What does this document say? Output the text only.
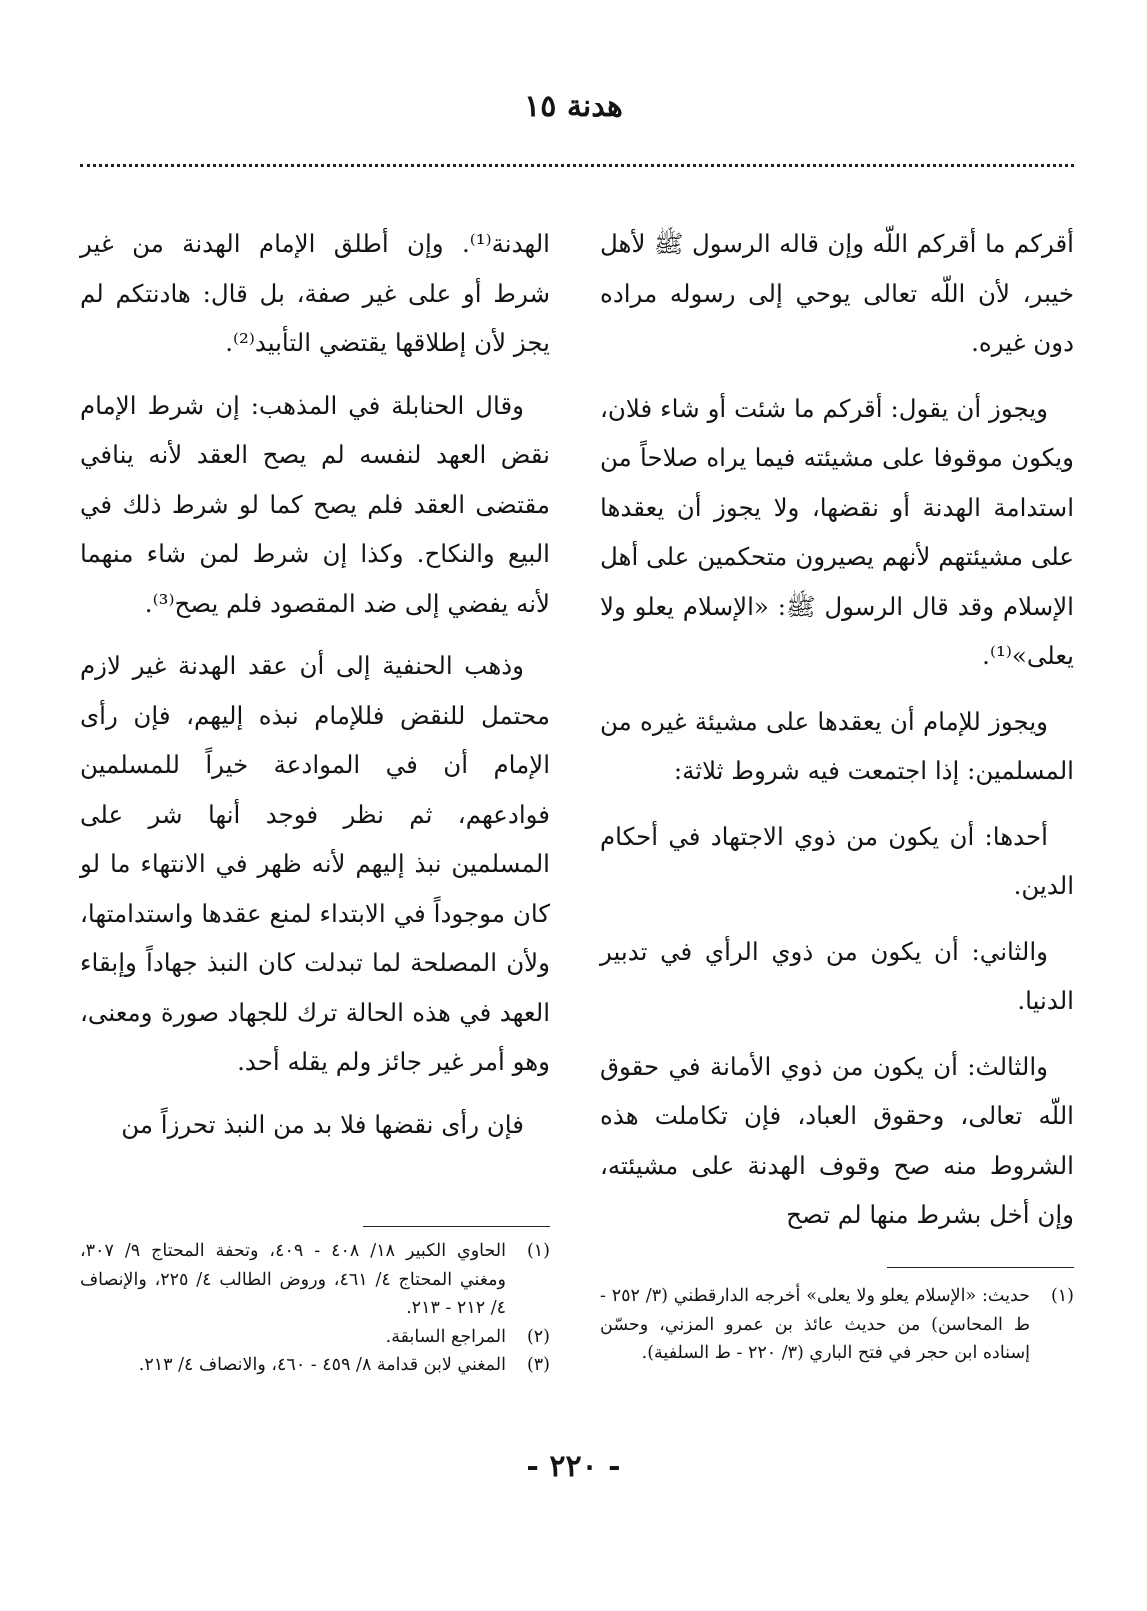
هدنة ١٥

أقركم ما أقركم اللّه وإن قاله الرسول ﷺ لأهل خيبر، لأن اللّه تعالى يوحي إلى رسوله مراده دون غيره.

ويجوز أن يقول: أقركم ما شئت أو شاء فلان، ويكون موقوفا على مشيئته فيما يراه صلاحاً من استدامة الهدنة أو نقضها، ولا يجوز أن يعقدها على مشيئتهم لأنهم يصيرون متحكمين على أهل الإسلام وقد قال الرسول ﷺ: «الإسلام يعلو ولا يعلى»⁽¹⁾.

ويجوز للإمام أن يعقدها على مشيئة غيره من المسلمين: إذا اجتمعت فيه شروط ثلاثة:

أحدها: أن يكون من ذوي الاجتهاد في أحكام الدين.

والثاني: أن يكون من ذوي الرأي في تدبير الدنيا.

والثالث: أن يكون من ذوي الأمانة في حقوق اللّه تعالى، وحقوق العباد، فإن تكاملت هذه الشروط منه صح وقوف الهدنة على مشيئته، وإن أخل بشرط منها لم تصح

(١)
حديث: «الإسلام يعلو ولا يعلى» أخرجه الدارقطني (٣/ ٢٥٢ - ط المحاسن) من حديث عائذ بن عمرو المزني، وحسّن إسناده ابن حجر في فتح الباري (٣/ ٢٢٠ - ط السلفية).

الهدنة⁽¹⁾. وإن أطلق الإمام الهدنة من غير شرط أو على غير صفة، بل قال: هادنتكم لم يجز لأن إطلاقها يقتضي التأبيد⁽²⁾.

وقال الحنابلة في المذهب: إن شرط الإمام نقض العهد لنفسه لم يصح العقد لأنه ينافي مقتضى العقد فلم يصح كما لو شرط ذلك في البيع والنكاح. وكذا إن شرط لمن شاء منهما لأنه يفضي إلى ضد المقصود فلم يصح⁽³⁾.

وذهب الحنفية إلى أن عقد الهدنة غير لازم محتمل للنقض فللإمام نبذه إليهم، فإن رأى الإمام أن في الموادعة خيراً للمسلمين فوادعهم، ثم نظر فوجد أنها شر على المسلمين نبذ إليهم لأنه ظهر في الانتهاء ما لو كان موجوداً في الابتداء لمنع عقدها واستدامتها، ولأن المصلحة لما تبدلت كان النبذ جهاداً وإبقاء العهد في هذه الحالة ترك للجهاد صورة ومعنى، وهو أمر غير جائز ولم يقله أحد.

فإن رأى نقضها فلا بد من النبذ تحرزاً من

(١)
الحاوي الكبير ١٨/ ٤٠٨ - ٤٠٩، وتحفة المحتاج ٩/ ٣٠٧، ومغني المحتاج ٤/ ٤٦١، وروض الطالب ٤/ ٢٢٥، والإنصاف ٤/ ٢١٢ - ٢١٣.
(٢)
المراجع السابقة.
(٣)
المغني لابن قدامة ٨/ ٤٥٩ - ٤٦٠، والانصاف ٤/ ٢١٣.
- ٢٢٠ -
